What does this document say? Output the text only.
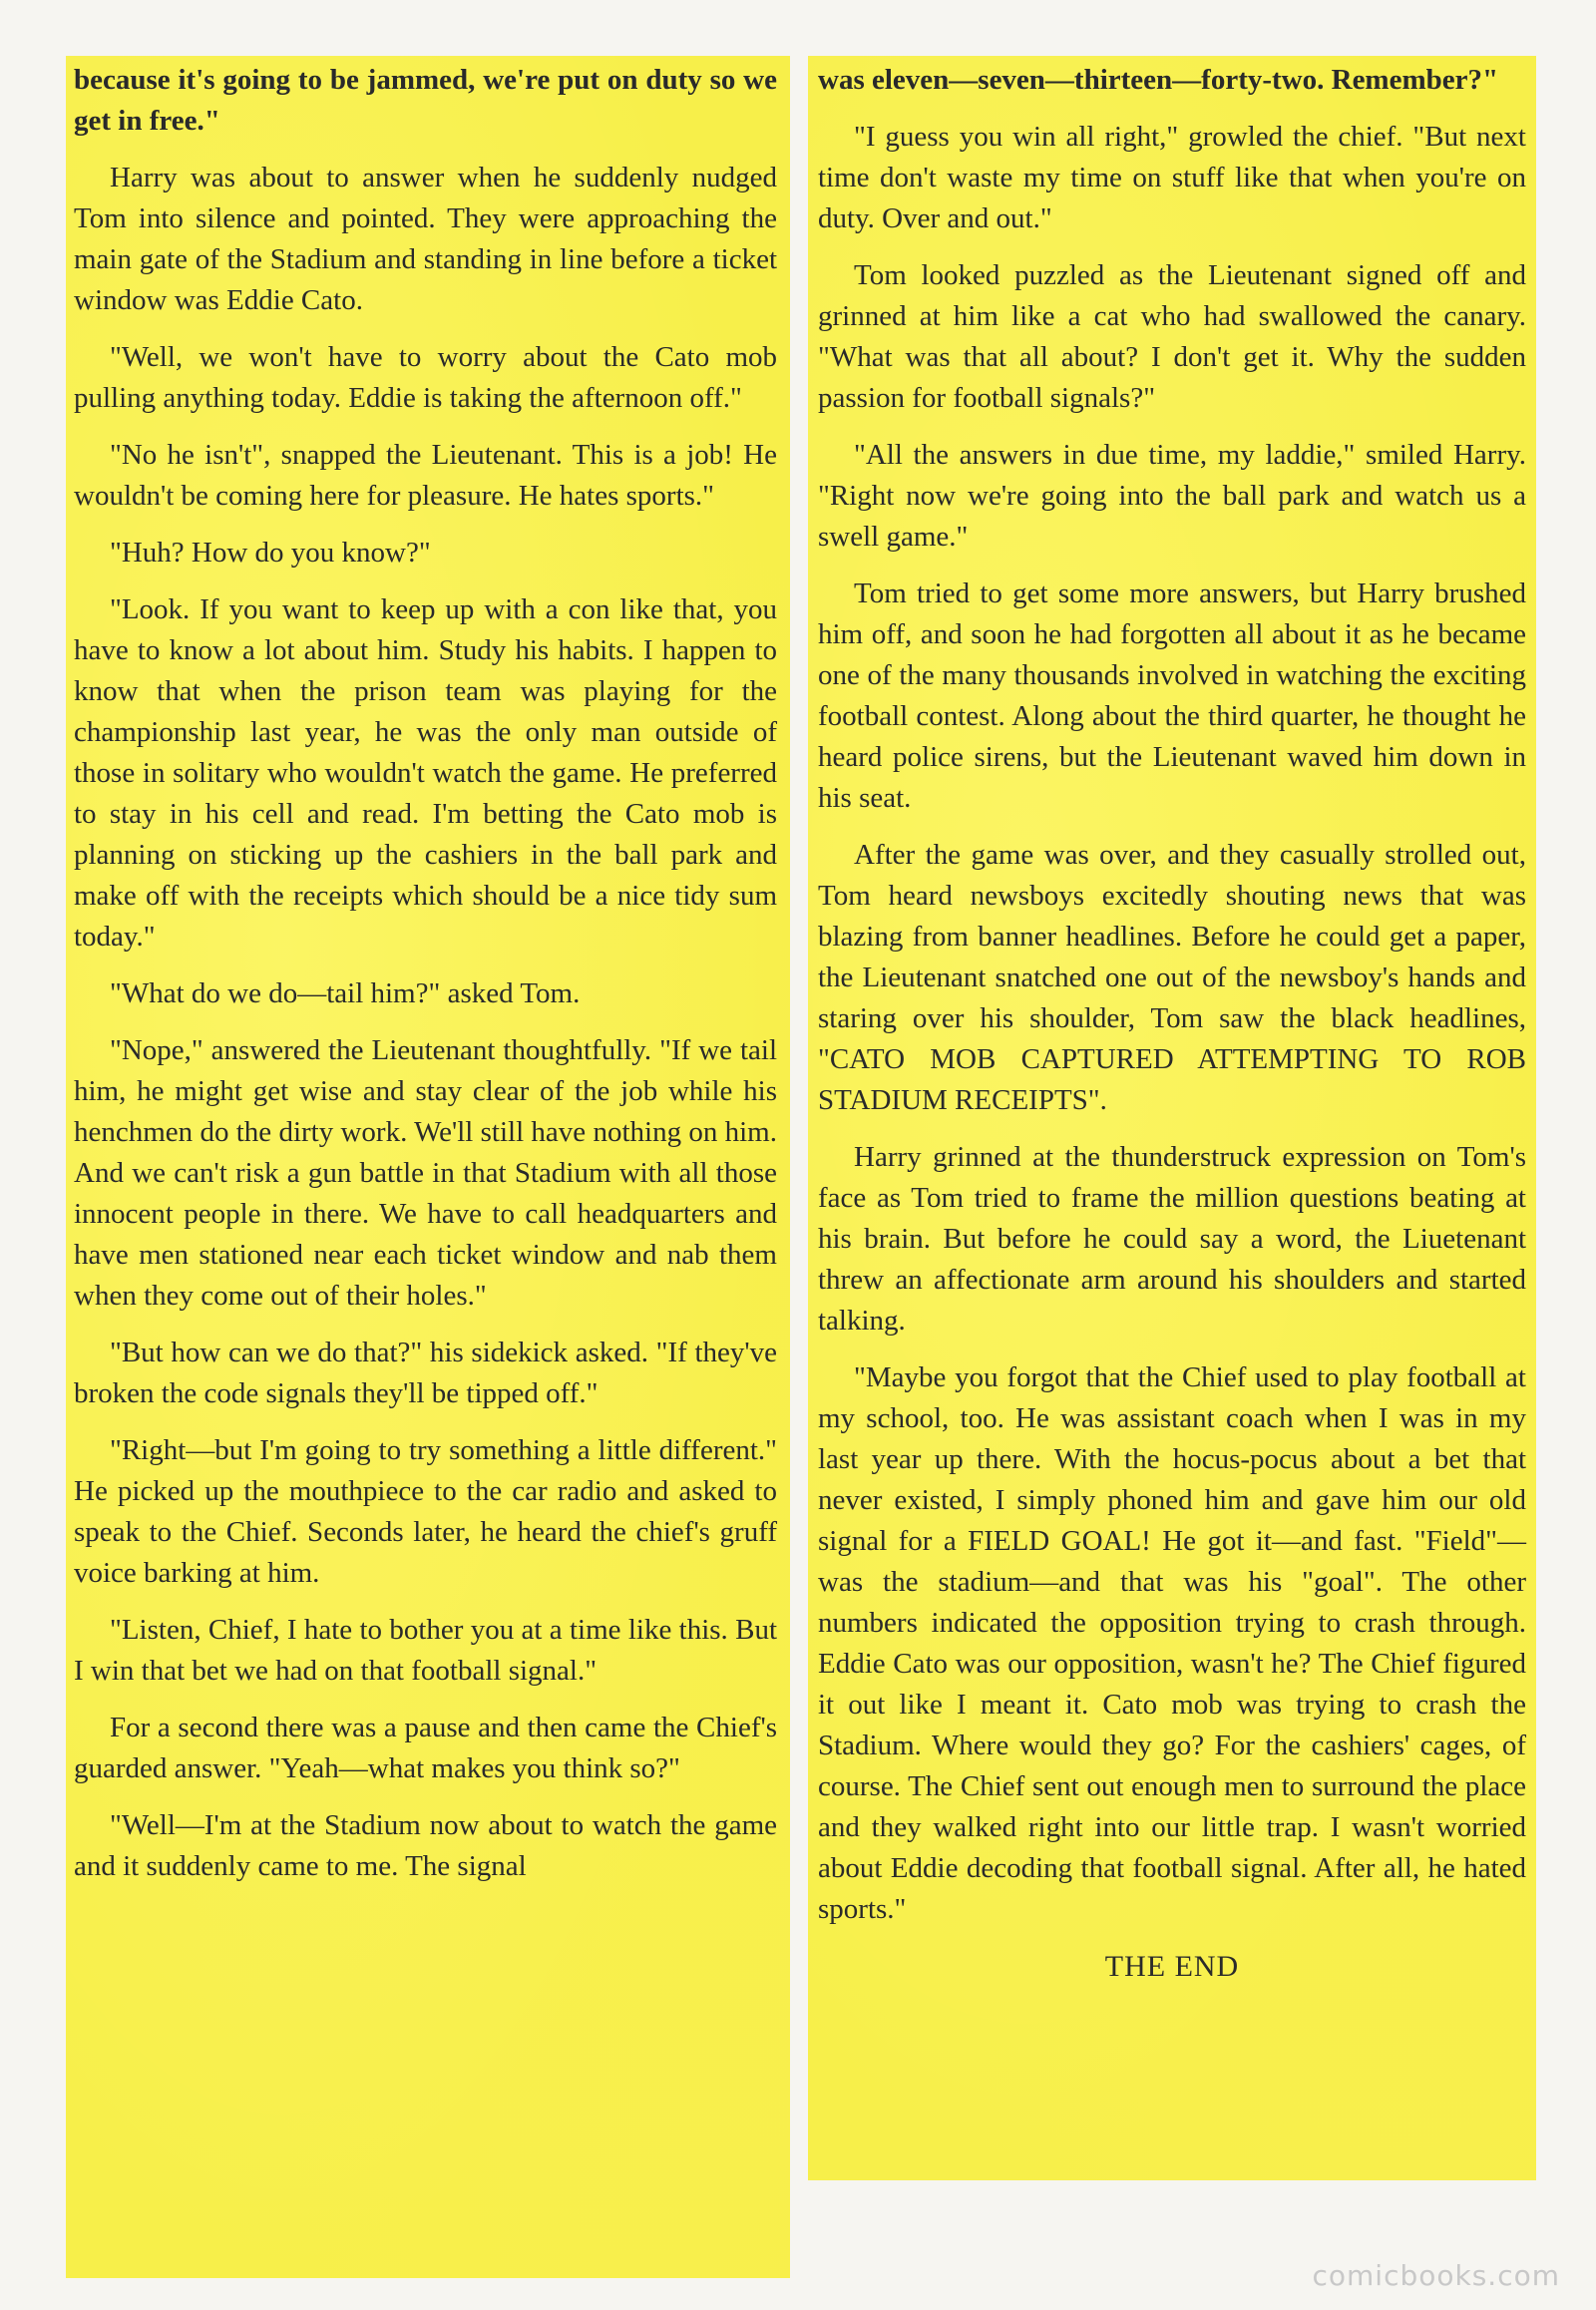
because it's going to be jammed, we're put on duty so we get in free."

Harry was about to answer when he suddenly nudged Tom into silence and pointed. They were approaching the main gate of the Stadium and standing in line before a ticket window was Eddie Cato.

"Well, we won't have to worry about the Cato mob pulling anything today. Eddie is taking the afternoon off."

"No he isn't", snapped the Lieutenant. This is a job! He wouldn't be coming here for pleasure. He hates sports."

"Huh? How do you know?"

"Look. If you want to keep up with a con like that, you have to know a lot about him. Study his habits. I happen to know that when the prison team was playing for the championship last year, he was the only man outside of those in solitary who wouldn't watch the game. He preferred to stay in his cell and read. I'm betting the Cato mob is planning on sticking up the cashiers in the ball park and make off with the receipts which should be a nice tidy sum today."

"What do we do—tail him?" asked Tom.

"Nope," answered the Lieutenant thoughtfully. "If we tail him, he might get wise and stay clear of the job while his henchmen do the dirty work. We'll still have nothing on him. And we can't risk a gun battle in that Stadium with all those innocent people in there. We have to call headquarters and have men stationed near each ticket window and nab them when they come out of their holes."

"But how can we do that?" his sidekick asked. "If they've broken the code signals they'll be tipped off."

"Right—but I'm going to try something a little different." He picked up the mouthpiece to the car radio and asked to speak to the Chief. Seconds later, he heard the chief's gruff voice barking at him.

"Listen, Chief, I hate to bother you at a time like this. But I win that bet we had on that football signal."

For a second there was a pause and then came the Chief's guarded answer. "Yeah—what makes you think so?"

"Well—I'm at the Stadium now about to watch the game and it suddenly came to me. The signal

was eleven—seven—thirteen—forty-two. Remember?"

"I guess you win all right," growled the chief. "But next time don't waste my time on stuff like that when you're on duty. Over and out."

Tom looked puzzled as the Lieutenant signed off and grinned at him like a cat who had swallowed the canary. "What was that all about? I don't get it. Why the sudden passion for football signals?"

"All the answers in due time, my laddie," smiled Harry. "Right now we're going into the ball park and watch us a swell game."

Tom tried to get some more answers, but Harry brushed him off, and soon he had forgotten all about it as he became one of the many thousands involved in watching the exciting football contest. Along about the third quarter, he thought he heard police sirens, but the Lieutenant waved him down in his seat.

After the game was over, and they casually strolled out, Tom heard newsboys excitedly shouting news that was blazing from banner headlines. Before he could get a paper, the Lieutenant snatched one out of the newsboy's hands and staring over his shoulder, Tom saw the black headlines, "CATO MOB CAPTURED ATTEMPTING TO ROB STADIUM RECEIPTS".

Harry grinned at the thunderstruck expression on Tom's face as Tom tried to frame the million questions beating at his brain. But before he could say a word, the Liuetenant threw an affectionate arm around his shoulders and started talking.

"Maybe you forgot that the Chief used to play football at my school, too. He was assistant coach when I was in my last year up there. With the hocus-pocus about a bet that never existed, I simply phoned him and gave him our old signal for a FIELD GOAL! He got it—and fast. "Field"—was the stadium—and that was his "goal". The other numbers indicated the opposition trying to crash through. Eddie Cato was our opposition, wasn't he? The Chief figured it out like I meant it. Cato mob was trying to crash the Stadium. Where would they go? For the cashiers' cages, of course. The Chief sent out enough men to surround the place and they walked right into our little trap. I wasn't worried about Eddie decoding that football signal. After all, he hated sports."

THE END

comicbooks.com
